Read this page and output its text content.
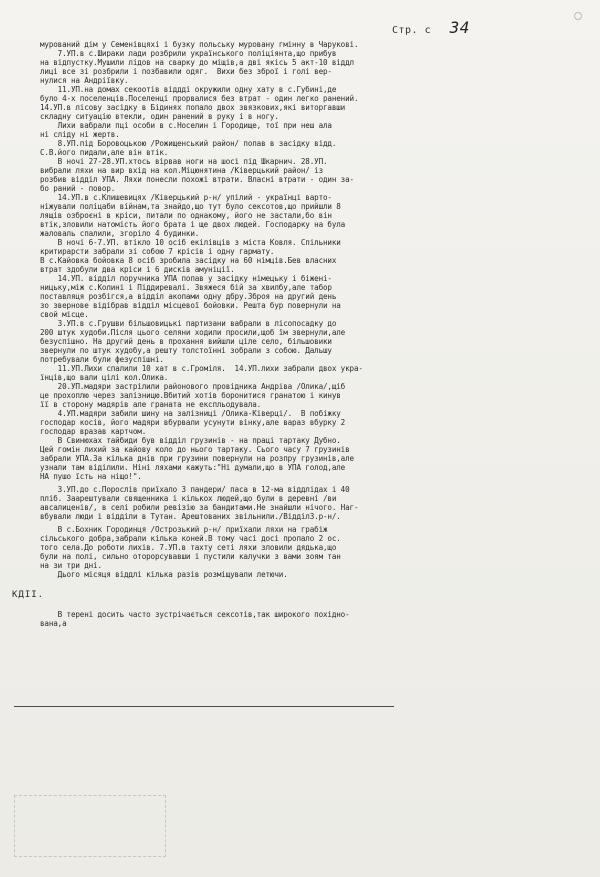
Стр. с 34
мурований дім у Семенівцяхі і бузку польську муровану гмінну в Чарукові.
7.УП.в с.Шираки лади розбрили українського поліціянта,що прибув
на відпустку.Мушили лідов на сварку до міщів,а дві якісь 5 акт-10 віддл
лиці все зі розбрили і позбавили одяг.  Вихи без зброї і голі вер-
нулися на Андріївку.
11.УП.на домах секоотів віддді окружили одну хату в с.Губині,де
було 4-х поселенців.Поселенці прорвалися без втрат - один легко ранений.
14.УП.в лісову засідку в Бідинях попало двох звязкових,які виторгавши
складну ситуацію втекли, один ранений в руку і в ногу.
Лихи вабрали пці особи в с.Носелин і Городище, тої при неш ала
ні сліду ні жертв.
8.УП.під Боровоцькою /Рожищенський район/ попав в засідку відд.
С.В.його пидали,але він втік.
В ночі 27-28.УП.хтось вірвав ноги на шосі під Шкарнич. 28.УП.
вибрали ляхи на вир вхід на кол.Міцюнятина /Ківерцький район/ із
розбив відділ УПА. Ляхи понесли похожі втрати. Власні втрати - один за-
бо раний - повор.
14.УП.в с.Клишевицях /Ківерцький р-н/ упілий - українці варто-
ніжували поліцаби війнам,та знайдо,що тут було сексотов,що прийшли 8
лящів озброєні в кріси, питали по однакому, його не застали,бо він
втік,зловили натомість його брата і ще двох людей. Господарку на була
жаловаль спалили, згоріло 4 будинки.
В ночі 6-7.УП. втікло 10 осіб екілівців з міста Ковля. Спільники
критирарсти забрали зі собою 7 крісів і одну гармату.
В с.Кайовка бойовка 8 осіб зробила засідку на 60 німців.Бев власних
втрат здобули два кріси і 6 дисків амуніції.
14.УП. відділ поручника УПА попав у засідку німецьку і біжені-
ницьку,між с.Колині і Піддиревалі. Звяжеся бій за хвилбу,але табор
поставляця розбігся,а відділ акопами одну дбру.Зброя на другий день
зо звернове відібрав відділ місцевої бойовки. Решта бур повернули на
свой місце.
3.УП.в с.Грушви більшовицькі партизани вабрали в лісопосадку до
200 штук худоби.Після цього селяни ходили просили,щоб їм звернули,але
безуспішно. На другий день в прохання вийшли ціле село, більшовики
звернули по штук худобу,а решту толстоїнні зобрали з собою. Дальшу
потребували були фезуспішні.
11.УП.Лихи спалили 10 хат в с.Громіля.  14.УП.лихи забрали двох укра-
їнців,що вали цілі кол.Олика.
20.УП.мадяри застрілили районового провідника Андріва /Олика/,щіб
це прохоплю через залізницю.Вбитий хотів боронитися гранатою і кинув
її в сторону мадярів але граната не експльодувала.
4.УП.мадяри забили шину на залізниці /Олика-Ківерці/.  В побіжку
господар косів, його мадяри вбурвали усунути вінку,але вараз вбурку 2
господар вразав картчом.
В Свинюхах тайбиди був відділ грузинів - на праці тартаку Дубно.
Цей гомін лихий за кайову коло до нього тартаку. Сього часу 7 грузинів
забрали УПА.За кілька днів при грузини повернули на розпру грузинів,але
узнали там віділили. Ніні ляхами кажуть:"Ні думали,що в УПА голод,але
НА пушо їсть на ніщо!".
3.УП.до с.Порослів приїхало 3 пандери/ паса в 12-ма віддлідах і 40
пліб. Заарештували священника і кількох людей,що були в деревні /ви
авсалиценів/, в селі робили ревізію за бандитами.Не знайшли нічого. Наг-
вбували люди і відділи в Тутан. Арештованих звільнили./Відділ3.р-н/.
В с.Бохник Городинця /Острозький р-н/ приїхали ляхи на грабіж
сільського добра,забрали кілька коней.В тому часі досі пропало 2 ос.
того села.До роботи лихів. 7.УП.в тахту сеті ляхи зловили дядька,що
були на полі, сильно оторорсувавши і пустили калучки з вами зоям тан
на зи три дні.
Дього місяця віддлі кілька разів розміщували летючи.
КДІІ.
В терені досить часто зустрічається сексотів,так широкого похідно-
вана,а
